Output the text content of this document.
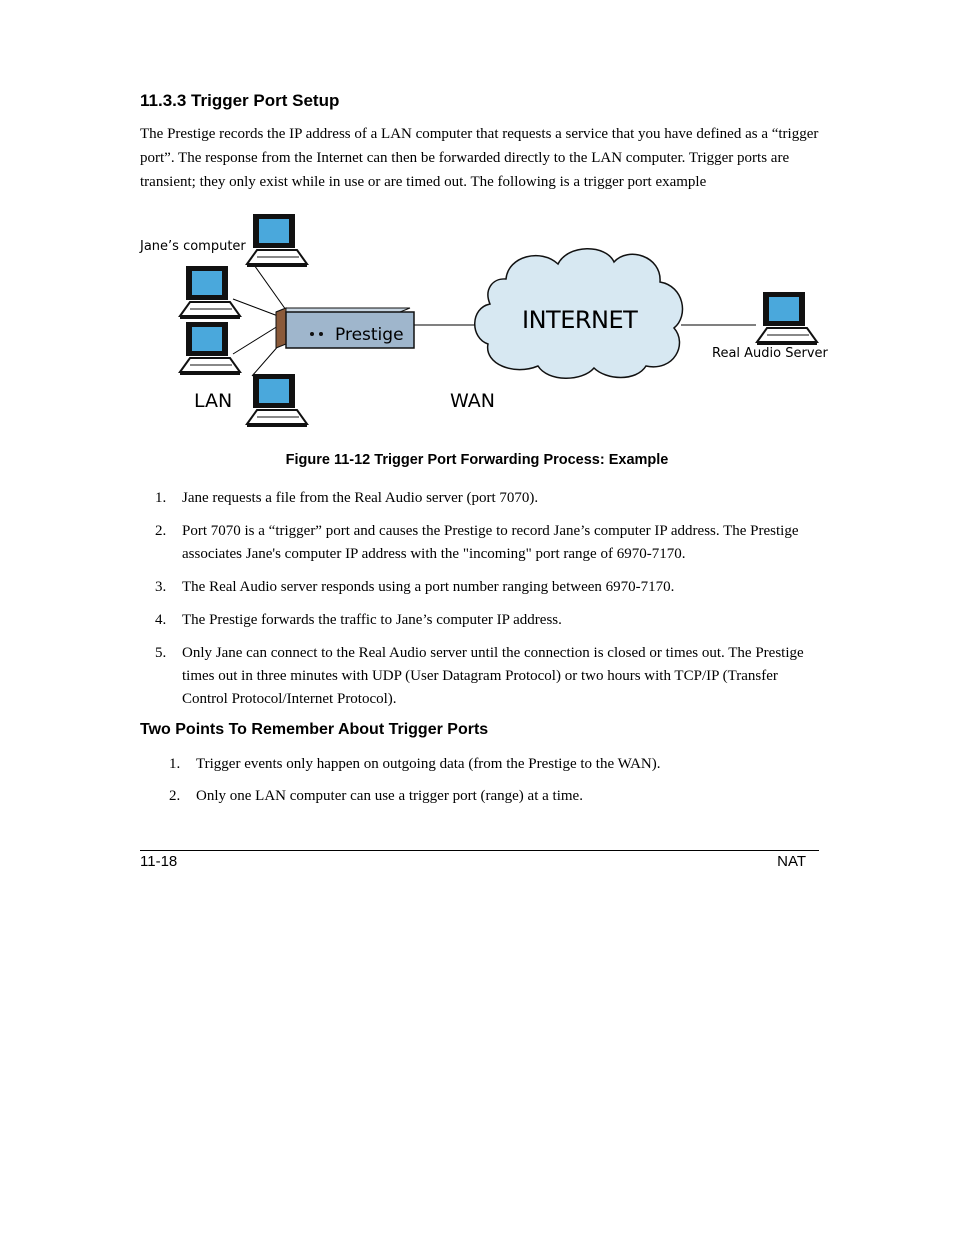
11.3.3 Trigger Port Setup

The Prestige records the IP address of a LAN computer that requests a service that you have defined as a “trigger port”. The response from the Internet can then be forwarded directly to the LAN computer. Trigger ports are transient; they only exist while in use or are timed out. The following is a trigger port example

Prestige
INTERNET
Real Audio Server
Jane’s computer
LAN	WAN
Figure 11-12 Trigger Port Forwarding Process: Example
1. Jane requests a file from the Real Audio server (port 7070).
2. Port 7070 is a “trigger” port and causes the Prestige to record Jane’s computer IP address. The Prestige associates Jane's computer IP address with the "incoming" port range of 6970-7170.
3. The Real Audio server responds using a port number ranging between 6970-7170.
4. The Prestige forwards the traffic to Jane’s computer IP address.
5. Only Jane can connect to the Real Audio server until the connection is closed or times out. The Prestige times out in three minutes with UDP (User Datagram Protocol) or two hours with TCP/IP (Transfer Control Protocol/Internet Protocol).
Two Points To Remember About Trigger Ports
1. Trigger events only happen on outgoing data (from the Prestige to the WAN).
2. Only one LAN computer can use a trigger port (range) at a time.
11-18	NAT
